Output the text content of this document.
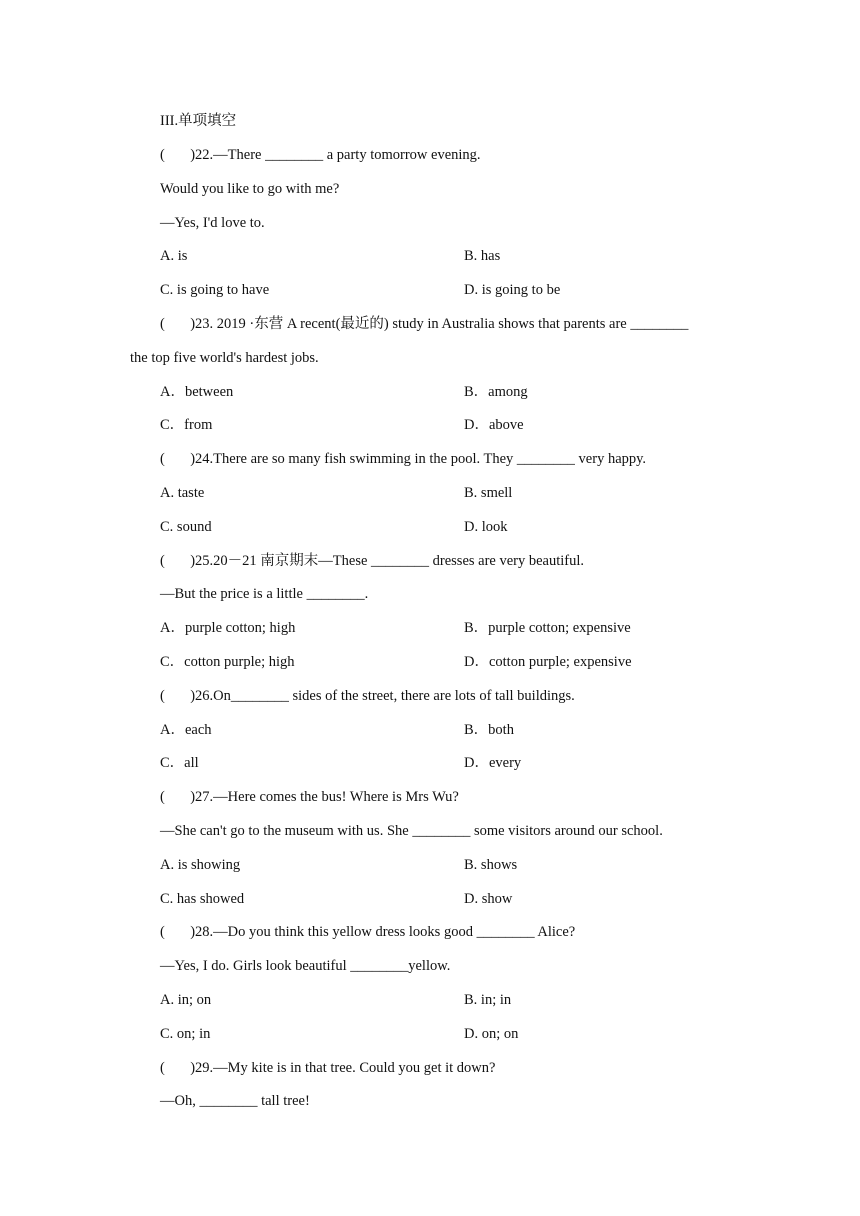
III.单项填空
(       )22.—There ________ a party tomorrow evening.
Would you like to go with me?
—Yes, I'd love to.
A. is	B. has
C. is going to have	D. is going to be
(       )23. 2019 ·东营 A recent(最近的) study in Australia shows that parents are ________
the top five world's hardest jobs.
A．between	B．among
C．from	D．above
(       )24.There are so many fish swimming in the pool. They ________ very happy.
A. taste	B. smell
C. sound	D. look
(       )25.20－21 南京期末—These ________ dresses are very beautiful.
—But the price is a little ________.
A．purple cotton; high	B．purple cotton; expensive
C．cotton purple; high	D．cotton purple; expensive
(       )26.On________ sides of the street, there are lots of tall buildings.
A．each	B．both
C．all	D．every
(       )27.—Here comes the bus! Where is Mrs Wu?
—She can't go to the museum with us. She ________ some visitors around our school.
A. is showing	B. shows
C. has showed	D. show
(       )28.—Do you think this yellow dress looks good ________ Alice?
—Yes, I do. Girls look beautiful ________yellow.
A. in; on	B. in; in
C. on; in	D. on; on
(       )29.—My kite is in that tree. Could you get it down?
—Oh, ________ tall tree!
